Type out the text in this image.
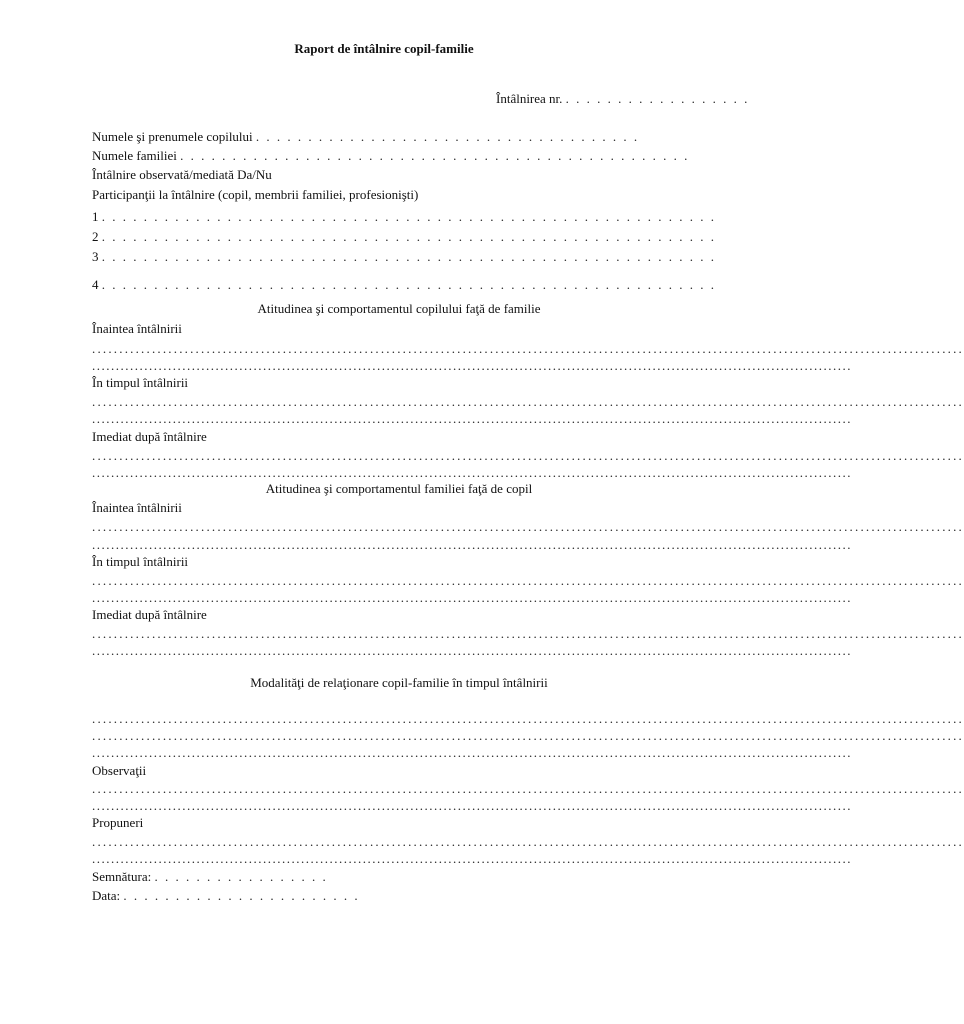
Raport de întâlnire copil-familie
Întâlnirea nr. . . . . . . . . . . . . . . . . . .
Numele şi prenumele copilului . . . . . . . . . . . . . . . . . . . . . . . . . . . . . . . . . . . . .
Numele familiei . . . . . . . . . . . . . . . . . . . . . . . . . . . . . . . . . . . . . . . . . . . . . . . . .
Întâlnire observată/mediată Da/Nu
Participanţii la întâlnire (copil, membrii familiei, profesionişti)
1 . . . . . . . . . . . . . . . . . . . . . . . . . . . . . . . . . . . . . . . . . . . . . . . . . . . . . . . . . . .
2 . . . . . . . . . . . . . . . . . . . . . . . . . . . . . . . . . . . . . . . . . . . . . . . . . . . . . . . . . . .
3 . . . . . . . . . . . . . . . . . . . . . . . . . . . . . . . . . . . . . . . . . . . . . . . . . . . . . . . . . . .
4 . . . . . . . . . . . . . . . . . . . . . . . . . . . . . . . . . . . . . . . . . . . . . . . . . . . . . . . . . . .
Atitudinea şi comportamentul copilului faţă de familie
Înaintea întâlnirii
................................................................................................................................................................
................................................................................................................................................................
În timpul întâlnirii
................................................................................................................................................................
................................................................................................................................................................
Imediat după întâlnire
................................................................................................................................................................
................................................................................................................................................................
Atitudinea şi comportamentul familiei faţă de copil
Înaintea întâlnirii
................................................................................................................................................................
................................................................................................................................................................
În timpul întâlnirii
................................................................................................................................................................
................................................................................................................................................................
Imediat după întâlnire
................................................................................................................................................................
................................................................................................................................................................
Modalităţi de relaţionare copil-familie în timpul întâlnirii
................................................................................................................................................................
................................................................................................................................................................
................................................................................................................................................................
Observaţii
................................................................................................................................................................
................................................................................................................................................................
Propuneri
................................................................................................................................................................
................................................................................................................................................................
Semnătura: . . . . . . . . . . . . . . . . .
Data: . . . . . . . . . . . . . . . . . . . . . . .
